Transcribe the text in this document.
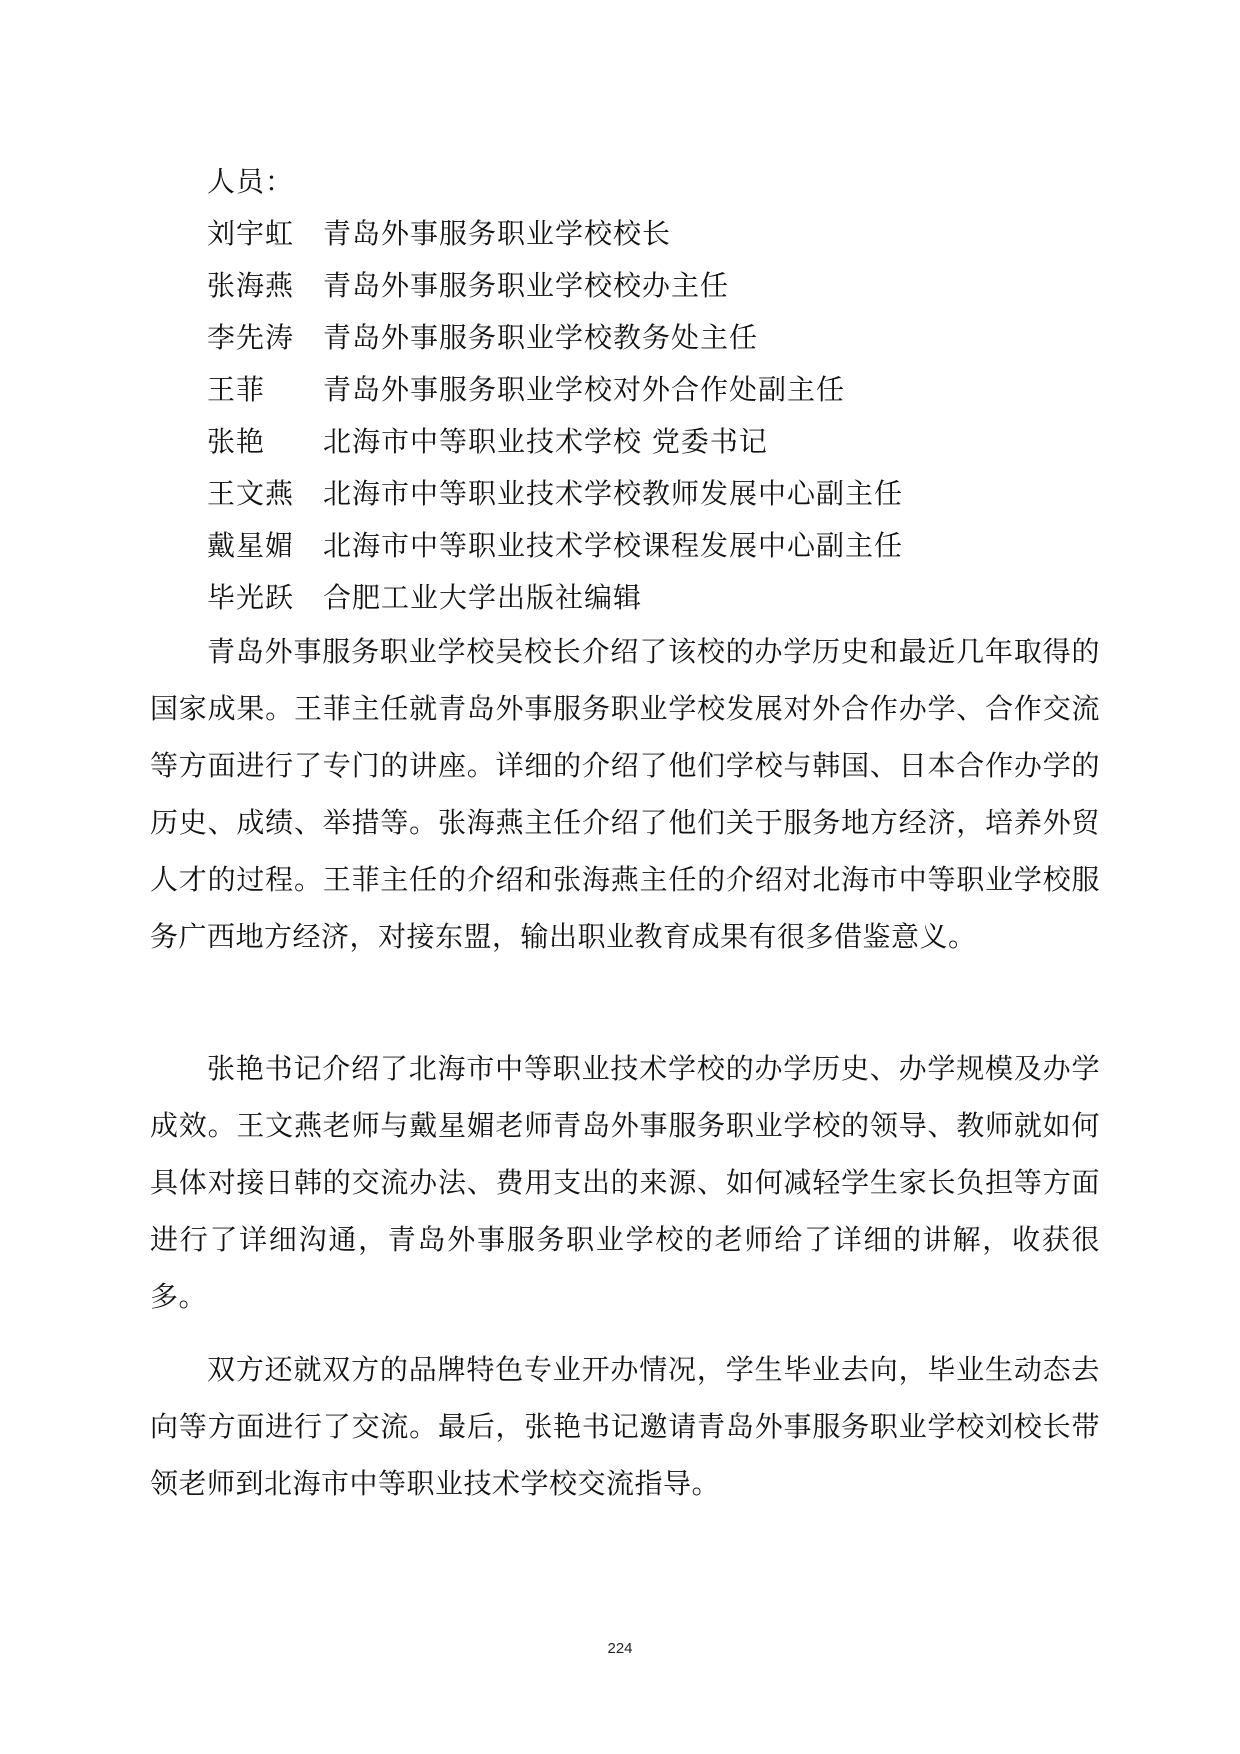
人员：
刘宇虹	青岛外事服务职业学校校长
张海燕	青岛外事服务职业学校校办主任
李先涛	青岛外事服务职业学校教务处主任
王菲	青岛外事服务职业学校对外合作处副主任
张艳	北海市中等职业技术学校 党委书记
王文燕	北海市中等职业技术学校教师发展中心副主任
戴星媚	北海市中等职业技术学校课程发展中心副主任
毕光跃	合肥工业大学出版社编辑

青岛外事服务职业学校吴校长介绍了该校的办学历史和最近几年取得的国家成果。王菲主任就青岛外事服务职业学校发展对外合作办学、合作交流等方面进行了专门的讲座。详细的介绍了他们学校与韩国、日本合作办学的历史、成绩、举措等。张海燕主任介绍了他们关于服务地方经济，培养外贸人才的过程。王菲主任的介绍和张海燕主任的介绍对北海市中等职业学校服务广西地方经济，对接东盟，输出职业教育成果有很多借鉴意义。

张艳书记介绍了北海市中等职业技术学校的办学历史、办学规模及办学成效。王文燕老师与戴星媚老师青岛外事服务职业学校的领导、教师就如何具体对接日韩的交流办法、费用支出的来源、如何减轻学生家长负担等方面进行了详细沟通，青岛外事服务职业学校的老师给了详细的讲解，收获很多。

双方还就双方的品牌特色专业开办情况，学生毕业去向，毕业生动态去向等方面进行了交流。最后，张艳书记邀请青岛外事服务职业学校刘校长带领老师到北海市中等职业技术学校交流指导。

224
